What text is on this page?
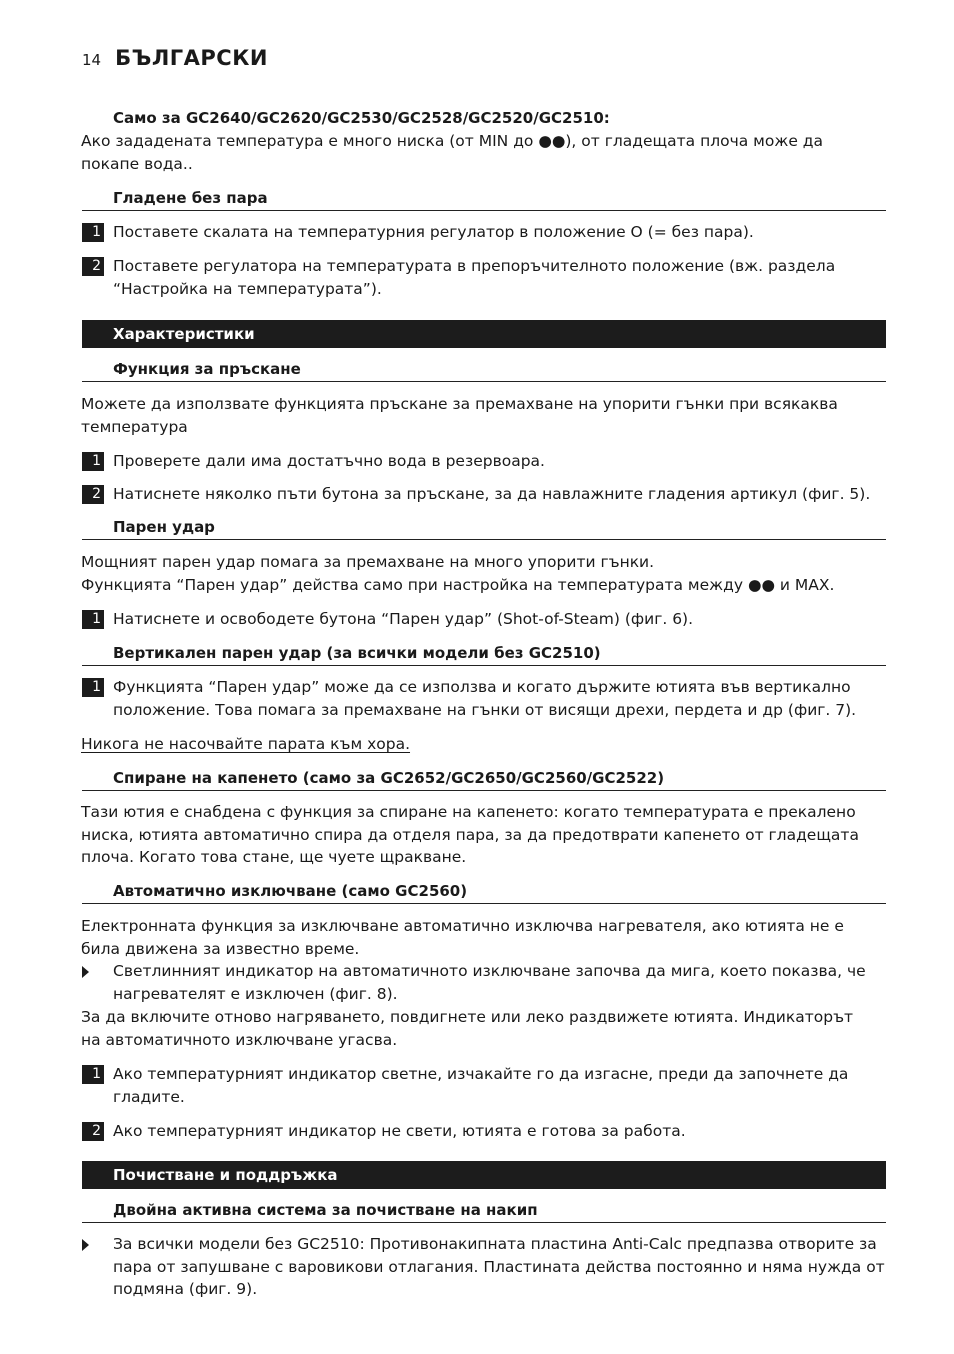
14 БЪЛГАРСКИ
Само за GC2640/GC2620/GC2530/GC2528/GC2520/GC2510:
Ако зададената температура е много ниска (от MIN до ●●), от гладещата плоча може да покапе вода..
Гладене без пара
1 Поставете скалата на температурния регулатор в положение O (= без пара).
2 Поставете регулатора на температурата в препоръчителното положение (вж. раздела “Настройка на температурата”).
Характеристики
Функция за пръскане
Можете да използвате функцията пръскане за премахване на упорити гънки при всякаква температура
1 Проверете дали има достатъчно вода в резервоара.
2 Натиснете няколко пъти бутона за пръскане, за да навлажните гладения артикул (фиг. 5).
Парен удар
Мощният парен удар помага за премахване на много упорити гънки.
Функцията “Парен удар” действа само при настройка на температурата между ●● и MAX.
1 Натиснете и освободете бутона “Парен удар” (Shot-of-Steam) (фиг. 6).
Вертикален парен удар (за всички модели без GC2510)
1 Функцията “Парен удар” може да се използва и когато държите ютията във вертикално положение. Това помага за премахване на гънки от висящи дрехи, пердета и др (фиг. 7).
Никога не насочвайте парата към хора.
Спиране на капенето (само за GC2652/GC2650/GC2560/GC2522)
Тази ютия е снабдена с функция за спиране на капенето: когато температурата е прекалено ниска, ютията автоматично спира да отделя пара, за да предотврати капенето от гладещата плоча. Когато това стане, ще чуете щракване.
Автоматично изключване (само GC2560)
Електронната функция за изключване автоматично изключва нагревателя, ако ютията не е била движена за известно време.
Светлинният индикатор на автоматичното изключване започва да мига, което показва, че нагревателят е изключен (фиг. 8).
За да включите отново нагряването, повдигнете или леко раздвижете ютията. Индикаторът на автоматичното изключване угасва.
1 Ако температурният индикатор светне, изчакайте го да изгасне, преди да започнете да гладите.
2 Ако температурният индикатор не свети, ютията е готова за работа.
Почистване и поддръжка
Двойна активна система за почистване на накип
За всички модели без GC2510: Противонакипната пластина Anti-Calc предпазва отворите за пара от запушване с варовикови отлагания. Пластината действа постоянно и няма нужда от подмяна (фиг. 9).
